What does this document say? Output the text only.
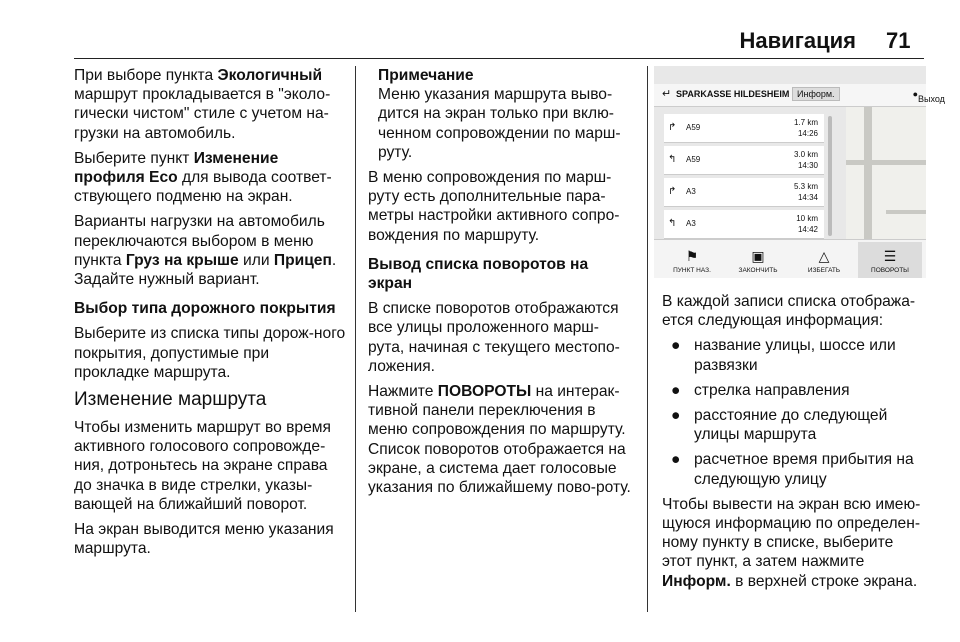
Навигация 71

При выборе пункта Экологичный маршрут прокладывается в "эколо-гически чистом" стиле с учетом на-грузки на автомобиль.

Выберите пункт Изменение профиля Eco для вывода соответ-ствующего подменю на экран.

Варианты нагрузки на автомобиль переключаются выбором в меню пункта Груз на крыше или Прицеп. Задайте нужный вариант.

Выбор типа дорожного покрытия

Выберите из списка типы дорож-ного покрытия, допустимые при прокладке маршрута.

Изменение маршрута

Чтобы изменить маршрут во время активного голосового сопровожде-ния, дотроньтесь на экране справа до значка в виде стрелки, указы-вающей на ближайший поворот.

На экран выводится меню указания маршрута.

Примечание

Меню указания маршрута выво-дится на экран только при вклю-ченном сопровождении по марш-руту.

В меню сопровождения по марш-руту есть дополнительные пара-метры настройки активного сопро-вождения по маршруту.

Вывод списка поворотов на экран

В списке поворотов отображаются все улицы проложенного марш-рута, начиная с текущего местопо-ложения.

Нажмите ПОВОРОТЫ на интерак-тивной панели переключения в меню сопровождения по маршруту. Список поворотов отображается на экране, а система дает голосовые указания по ближайшему пово-роту.

↵ SPARKASSE HILDESHEIM Информ.	● Выход
↱ A59
1.7 km
14:26
↰ A59
3.0 km
14:30
↱ A3
5.3 km
14:34
↰ A3
10 km
14:42
⚑
ПУНКТ НАЗ.
▣
ЗАКОНЧИТЬ
△
ИЗБЕГАТЬ
☰
ПОВОРОТЫ

В каждой записи списка отобража-ется следующая информация:

● название улицы, шоссе или развязки
● стрелка направления
● расстояние до следующей улицы маршрута
● расчетное время прибытия на следующую улицу

Чтобы вывести на экран всю имею-щуюся информацию по определен-ному пункту в списке, выберите этот пункт, а затем нажмите Информ. в верхней строке экрана.
